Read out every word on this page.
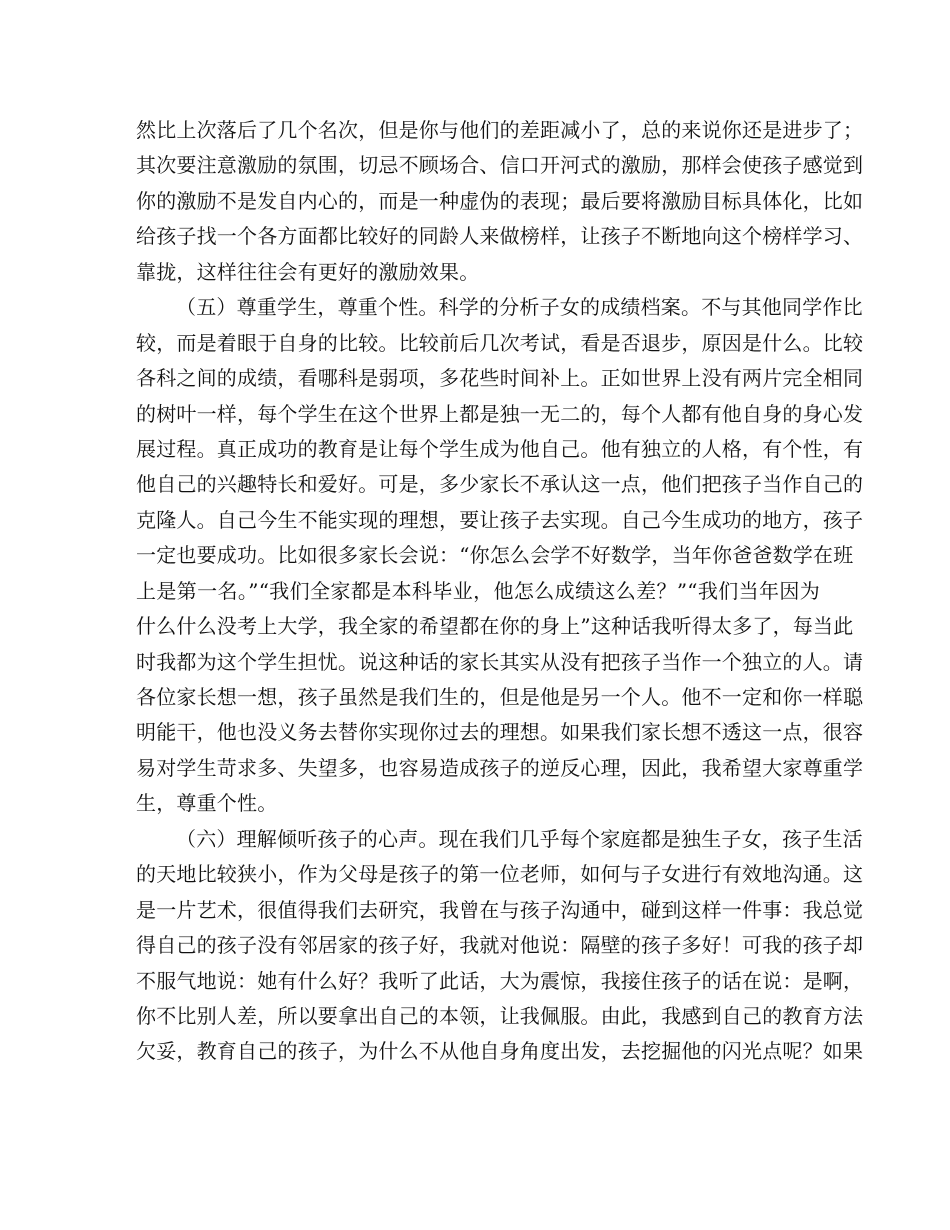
然比上次落后了几个名次，但是你与他们的差距减小了，总的来说你还是进步了；
其次要注意激励的氛围，切忌不顾场合、信口开河式的激励，那样会使孩子感觉到
你的激励不是发自内心的，而是一种虚伪的表现；最后要将激励目标具体化，比如
给孩子找一个各方面都比较好的同龄人来做榜样，让孩子不断地向这个榜样学习、
靠拢，这样往往会有更好的激励效果。
（五）尊重学生，尊重个性。科学的分析子女的成绩档案。不与其他同学作比
较，而是着眼于自身的比较。比较前后几次考试，看是否退步，原因是什么。比较
各科之间的成绩，看哪科是弱项，多花些时间补上。正如世界上没有两片完全相同
的树叶一样，每个学生在这个世界上都是独一无二的，每个人都有他自身的身心发
展过程。真正成功的教育是让每个学生成为他自己。他有独立的人格，有个性，有
他自己的兴趣特长和爱好。可是，多少家长不承认这一点，他们把孩子当作自己的
克隆人。自己今生不能实现的理想，要让孩子去实现。自己今生成功的地方，孩子
一定也要成功。比如很多家长会说：“你怎么会学不好数学，当年你爸爸数学在班
上是第一名。”“我们全家都是本科毕业，他怎么成绩这么差？”“我们当年因为
什么什么没考上大学，我全家的希望都在你的身上”这种话我听得太多了，每当此
时我都为这个学生担忧。说这种话的家长其实从没有把孩子当作一个独立的人。请
各位家长想一想，孩子虽然是我们生的，但是他是另一个人。他不一定和你一样聪
明能干，他也没义务去替你实现你过去的理想。如果我们家长想不透这一点，很容
易对学生苛求多、失望多，也容易造成孩子的逆反心理，因此，我希望大家尊重学
生，尊重个性。
（六）理解倾听孩子的心声。现在我们几乎每个家庭都是独生子女，孩子生活
的天地比较狭小，作为父母是孩子的第一位老师，如何与子女进行有效地沟通。这
是一片艺术，很值得我们去研究，我曾在与孩子沟通中，碰到这样一件事：我总觉
得自己的孩子没有邻居家的孩子好，我就对他说：隔壁的孩子多好！可我的孩子却
不服气地说：她有什么好？我听了此话，大为震惊，我接住孩子的话在说：是啊，
你不比别人差，所以要拿出自己的本领，让我佩服。由此，我感到自己的教育方法
欠妥，教育自己的孩子，为什么不从他自身角度出发，去挖掘他的闪光点呢？如果
